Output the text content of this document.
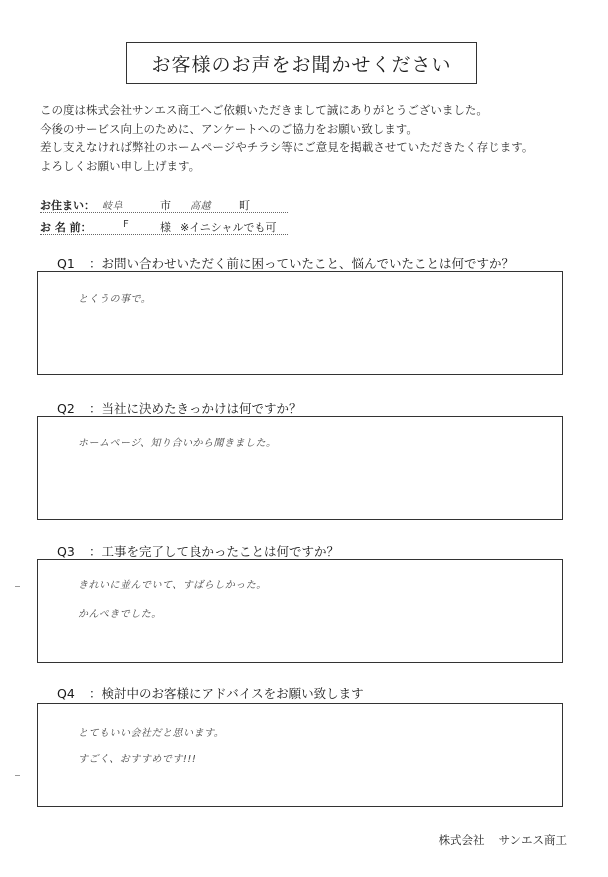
お客様のお声をお聞かせください
この度は株式会社サンエス商工へご依頼いただきまして誠にありがとうございました。
今後のサービス向上のために、アンケートへのご協力をお願い致します。
差し支えなければ弊社のホームページやチラシ等にご意見を掲載させていただきたく存じます。
よろしくお願い申し上げます。
お住まい： 岐阜	市 高越	町
お 名 前：	F	様 ※イニシャルでも可
Q1 ：お問い合わせいただく前に困っていたこと、悩んでいたことは何ですか？
とくうの事で。
Q2 ：当社に決めたきっかけは何ですか？
ホームページ、知り合いから聞きました。
Q3 ：工事を完了して良かったことは何ですか？
きれいに並んでいて、すばらしかった。
かんぺきでした。
Q4 ：検討中のお客様にアドバイスをお願い致します
とてもいい会社だと思います。
すごく、おすすめです!!!
株式会社 サンエス商工
